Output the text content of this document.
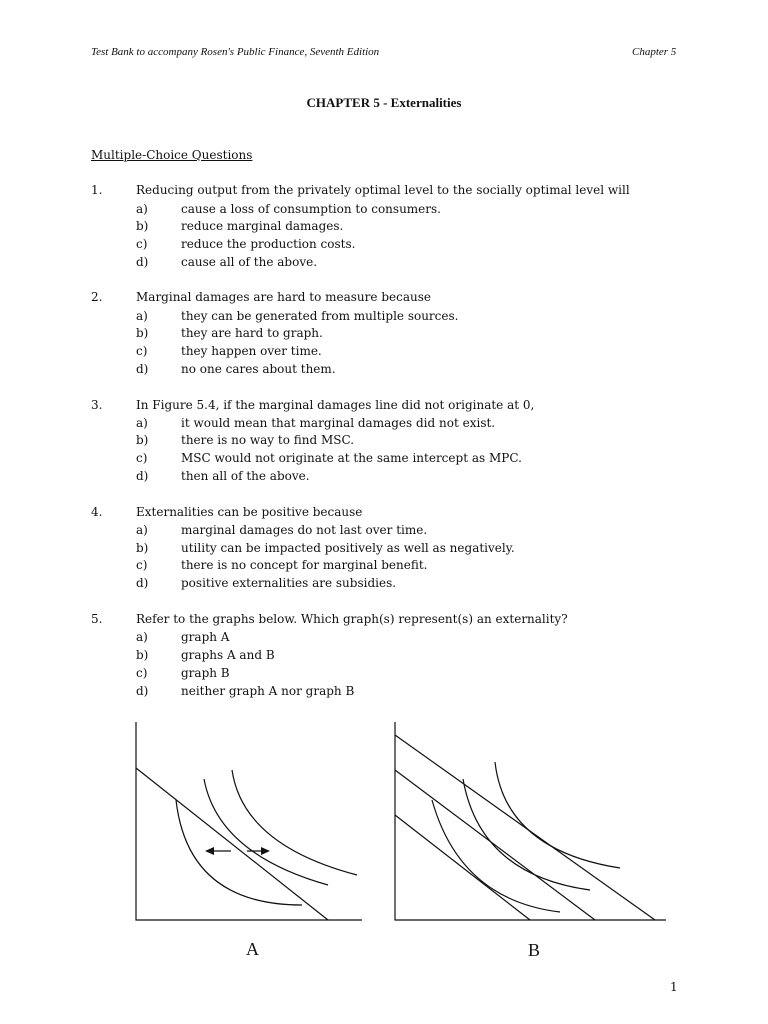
Test Bank to accompany Rosen's Public Finance, Seventh Edition	Chapter 5
CHAPTER 5 - Externalities
Multiple-Choice Questions
1.	Reducing output from the privately optimal level to the socially optimal level will
a)	cause a loss of consumption to consumers.
b)	reduce marginal damages.
c)	reduce the production costs.
d)	cause all of the above.
2.	Marginal damages are hard to measure because
a)	they can be generated from multiple sources.
b)	they are hard to graph.
c)	they happen over time.
d)	no one cares about them.
3.	In Figure 5.4, if the marginal damages line did not originate at 0,
a)	it would mean that marginal damages did not exist.
b)	there is no way to find MSC.
c)	MSC would not originate at the same intercept as MPC.
d)	then all of the above.
4.	Externalities can be positive because
a)	marginal damages do not last over time.
b)	utility can be impacted positively as well as negatively.
c)	there is no concept for marginal benefit.
d)	positive externalities are subsidies.
5.	Refer to the graphs below. Which graph(s) represent(s) an externality?
a)	graph A
b)	graphs A and B
c)	graph B
d)	neither graph A nor graph B
A	B
1
